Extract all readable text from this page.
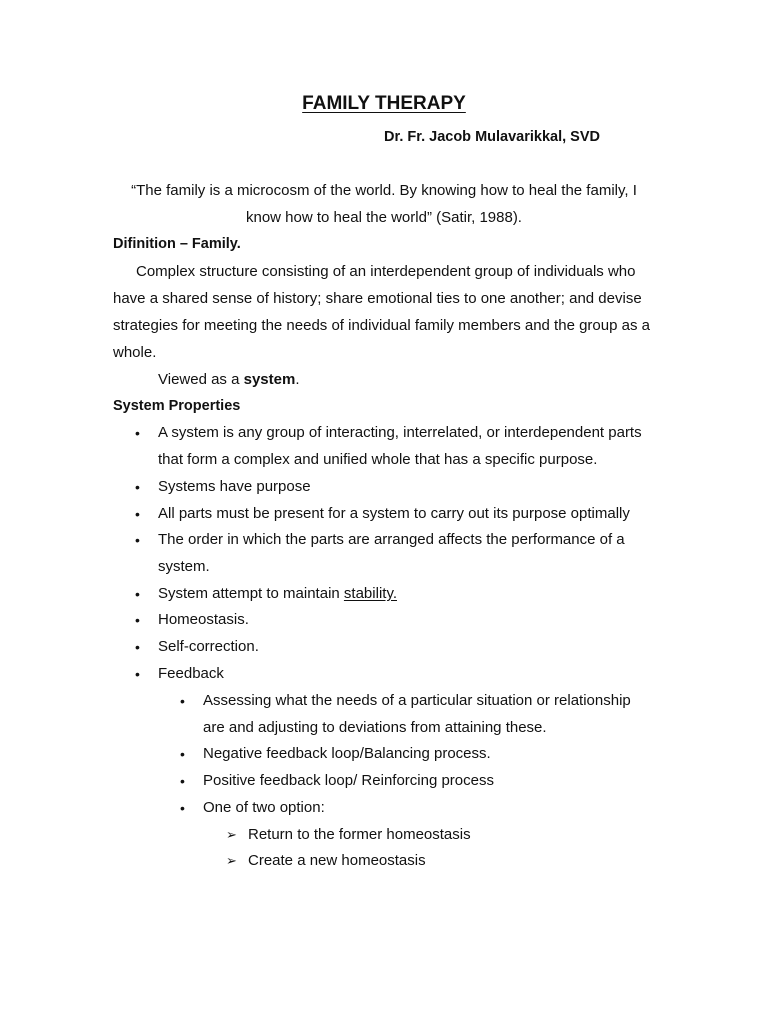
FAMILY THERAPY
Dr. Fr. Jacob Mulavarikkal, SVD
“The family is a microcosm of the world. By knowing how to heal the family, I
know how to heal the world” (Satir, 1988).
Difinition – Family.
Complex structure consisting of an interdependent group of individuals who
have a shared sense of history; share emotional ties to one another; and devise
strategies for meeting the needs of individual family members and the group as a
whole.
Viewed as a system.
System Properties
• A system is any group of interacting, interrelated, or interdependent parts
that form a complex and unified whole that has a specific purpose.
• Systems have purpose
• All parts must be present for a system to carry out its purpose optimally
• The order in which the parts are arranged affects the performance of a
system.
• System attempt to maintain stability.
• Homeostasis.
• Self-correction.
• Feedback
• Assessing what the needs of a particular situation or relationship
are and adjusting to deviations from attaining these.
• Negative feedback loop/Balancing process.
• Positive feedback loop/ Reinforcing process
• One of two option:
➢ Return to the former homeostasis
➢ Create a new homeostasis
